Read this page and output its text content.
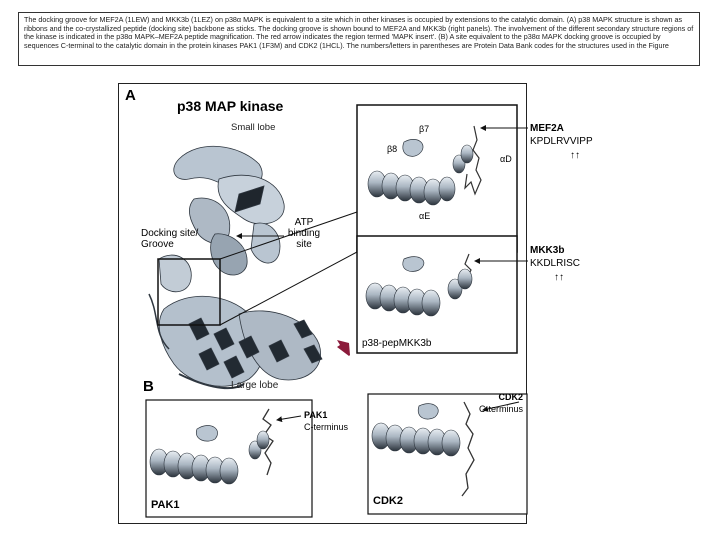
The docking groove for MEF2A (1LEW) and MKK3b (1LEZ) on p38α MAPK is equivalent to a site which in other kinases is occupied by extensions to the catalytic domain. (A) p38 MAPK structure is shown as ribbons and the co-crystallized peptide (docking site) backbone as sticks. The docking groove is shown bound to MEF2A and MKK3b (right panels). The involvement of the different secondary structure regions of the kinase is indicated in the p38α MAPK–MEF2A peptide magnification. The red arrow indicates the region termed 'MAPK insert'. (B) A site equivalent to the p38α MAPK docking groove is occupied by sequences C-terminal to the catalytic domain in the protein kinases PAK1 (1F3M) and CDK2 (1HCL). The numbers/letters in parentheses are Protein Data Bank codes for the structures used in the Figure
A
p38 MAP kinase
Small lobe
Large lobe
Docking site/
Groove
ATP
binding
site
β7
β8
αD
αE
p38-pepMKK3b
B
PAK1
C-terminus
PAK1
CDK2
C-terminus
CDK2
MEF2A
KPDLRVVIPP
↑↑
MKK3b
KKDLRISC
↑↑
